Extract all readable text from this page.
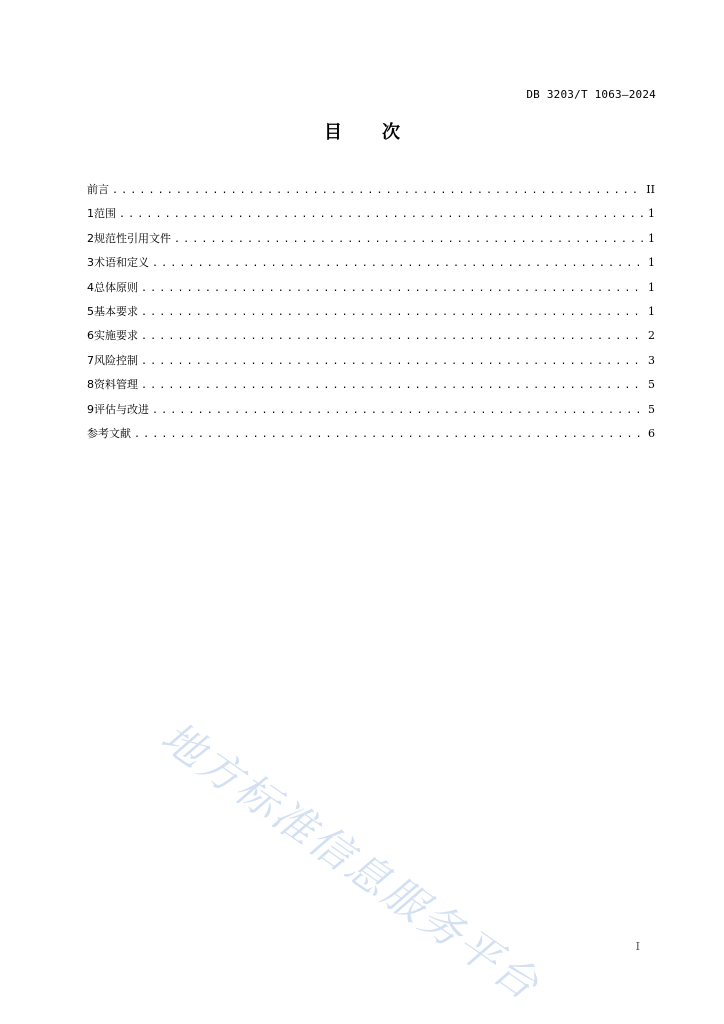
DB 3203/T 1063—2024
目 次
前言 .....	II
1 范围 .....	1
2 规范性引用文件 .....	1
3 术语和定义 .....	1
4 总体原则 .....	1
5 基本要求 .....	1
6 实施要求 .....	2
7 风险控制 .....	3
8 资料管理 .....	5
9 评估与改进 .....	5
参考文献 .....	6
地方标准信息服务平台	I
